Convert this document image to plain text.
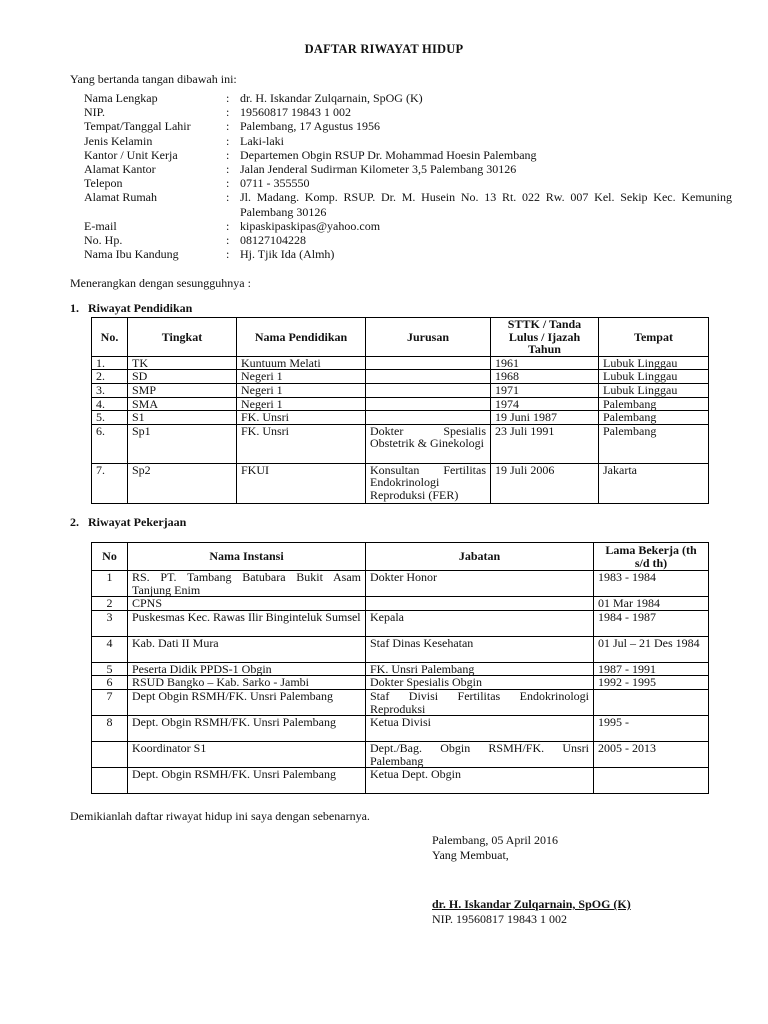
DAFTAR RIWAYAT HIDUP
Yang bertanda tangan dibawah ini:
Nama Lengkap	:	dr. H. Iskandar Zulqarnain, SpOG (K)
NIP.	:	19560817 19843 1 002
Tempat/Tanggal Lahir	:	Palembang, 17 Agustus 1956
Jenis Kelamin	:	Laki-laki
Kantor / Unit Kerja	:	Departemen Obgin RSUP Dr. Mohammad Hoesin Palembang
Alamat Kantor	:	Jalan Jenderal Sudirman Kilometer 3,5 Palembang 30126
Telepon	:	0711 - 355550
Alamat Rumah	:	Jl. Madang. Komp. RSUP. Dr. M. Husein No. 13 Rt. 022 Rw. 007 Kel. Sekip Kec. Kemuning Palembang 30126
E-mail	:	kipaskipaskipas@yahoo.com
No. Hp.	:	08127104228
Nama Ibu Kandung	:	Hj. Tjik Ida (Almh)
Menerangkan dengan sesungguhnya :
1. Riwayat Pendidikan
No.	Tingkat	Nama Pendidikan	Jurusan	STTK / Tanda Lulus / Ijazah Tahun	Tempat
1.	TK	Kuntuum Melati		1961	Lubuk Linggau
2.	SD	Negeri 1		1968	Lubuk Linggau
3.	SMP	Negeri 1		1971	Lubuk Linggau
4.	SMA	Negeri 1		1974	Palembang
5.	S1	FK. Unsri		19 Juni 1987	Palembang
6.	Sp1	FK. Unsri	Dokter Spesialis Obstetrik & Ginekologi	23 Juli 1991	Palembang
7.	Sp2	FKUI	Konsultan Fertilitas Endokrinologi Reproduksi (FER)	19 Juli 2006	Jakarta
2. Riwayat Pekerjaan
No	Nama Instansi	Jabatan	Lama Bekerja (th s/d th)
1	RS. PT. Tambang Batubara Bukit Asam Tanjung Enim	Dokter Honor	1983 - 1984
2	CPNS		01 Mar 1984
3	Puskesmas Kec. Rawas Ilir Binginteluk Sumsel	Kepala	1984 - 1987
4	Kab. Dati II Mura	Staf Dinas Kesehatan	01 Jul – 21 Des 1984
5	Peserta Didik PPDS-1 Obgin	FK. Unsri Palembang	1987 - 1991
6	RSUD Bangko – Kab. Sarko - Jambi	Dokter Spesialis Obgin	1992 - 1995
7	Dept Obgin RSMH/FK. Unsri Palembang	Staf Divisi Fertilitas Endokrinologi Reproduksi	
8	Dept. Obgin RSMH/FK. Unsri Palembang	Ketua Divisi	1995 -
	Koordinator S1	Dept./Bag. Obgin RSMH/FK. Unsri Palembang	2005 - 2013
	Dept. Obgin RSMH/FK. Unsri Palembang	Ketua Dept. Obgin	
Demikianlah daftar riwayat hidup ini saya dengan sebenarnya.
Palembang, 05 April 2016
Yang Membuat,
dr. H. Iskandar Zulqarnain, SpOG (K)
NIP. 19560817 19843 1 002
